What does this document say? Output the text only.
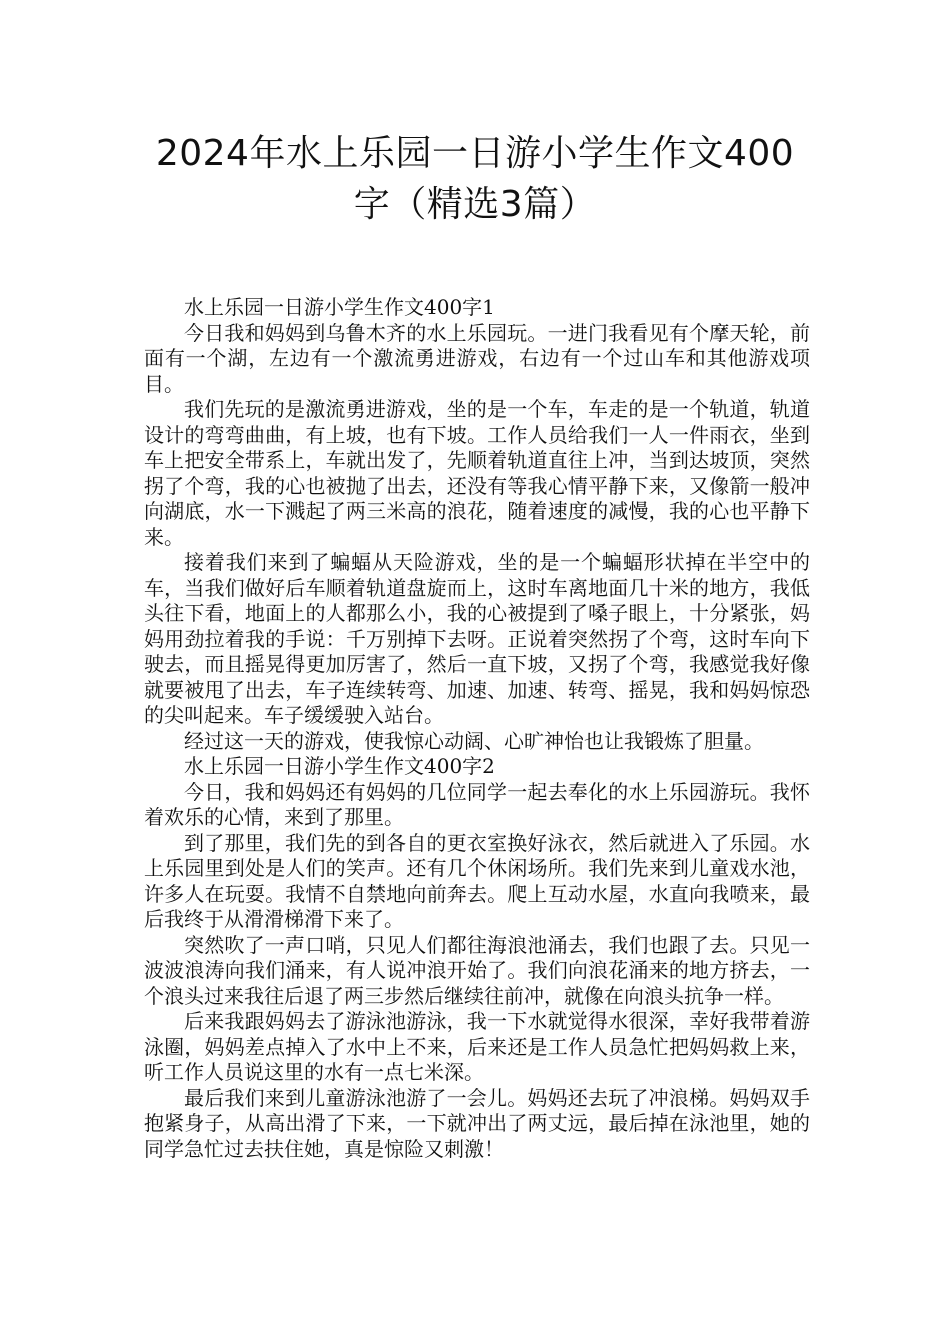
2024年水上乐园一日游小学生作文400
字（精选3篇）

水上乐园一日游小学生作文400字1

今日我和妈妈到乌鲁木齐的水上乐园玩。一进门我看见有个摩天轮，前面有一个湖，左边有一个激流勇进游戏，右边有一个过山车和其他游戏项目。

我们先玩的是激流勇进游戏，坐的是一个车，车走的是一个轨道，轨道设计的弯弯曲曲，有上坡，也有下坡。工作人员给我们一人一件雨衣，坐到车上把安全带系上，车就出发了，先顺着轨道直往上冲，当到达坡顶，突然拐了个弯，我的心也被抛了出去，还没有等我心情平静下来，又像箭一般冲向湖底，水一下溅起了两三米高的浪花，随着速度的减慢，我的心也平静下来。

接着我们来到了蝙蝠从天险游戏，坐的是一个蝙蝠形状掉在半空中的车，当我们做好后车顺着轨道盘旋而上，这时车离地面几十米的地方，我低头往下看，地面上的人都那么小，我的心被提到了嗓子眼上，十分紧张，妈妈用劲拉着我的手说：千万别掉下去呀。正说着突然拐了个弯，这时车向下驶去，而且摇晃得更加厉害了，然后一直下坡，又拐了个弯，我感觉我好像就要被甩了出去，车子连续转弯、加速、加速、转弯、摇晃，我和妈妈惊恐的尖叫起来。车子缓缓驶入站台。

经过这一天的游戏，使我惊心动阔、心旷神怡也让我锻炼了胆量。

水上乐园一日游小学生作文400字2

今日，我和妈妈还有妈妈的几位同学一起去奉化的水上乐园游玩。我怀着欢乐的心情，来到了那里。

到了那里，我们先的到各自的更衣室换好泳衣，然后就进入了乐园。水上乐园里到处是人们的笑声。还有几个休闲场所。我们先来到儿童戏水池，许多人在玩耍。我情不自禁地向前奔去。爬上互动水屋，水直向我喷来，最后我终于从滑滑梯滑下来了。

突然吹了一声口哨，只见人们都往海浪池涌去，我们也跟了去。只见一波波浪涛向我们涌来，有人说冲浪开始了。我们向浪花涌来的地方挤去，一个浪头过来我往后退了两三步然后继续往前冲，就像在向浪头抗争一样。

后来我跟妈妈去了游泳池游泳，我一下水就觉得水很深，幸好我带着游泳圈，妈妈差点掉入了水中上不来，后来还是工作人员急忙把妈妈救上来，听工作人员说这里的水有一点七米深。

最后我们来到儿童游泳池游了一会儿。妈妈还去玩了冲浪梯。妈妈双手抱紧身子，从高出滑了下来，一下就冲出了两丈远，最后掉在泳池里，她的同学急忙过去扶住她，真是惊险又刺激！
